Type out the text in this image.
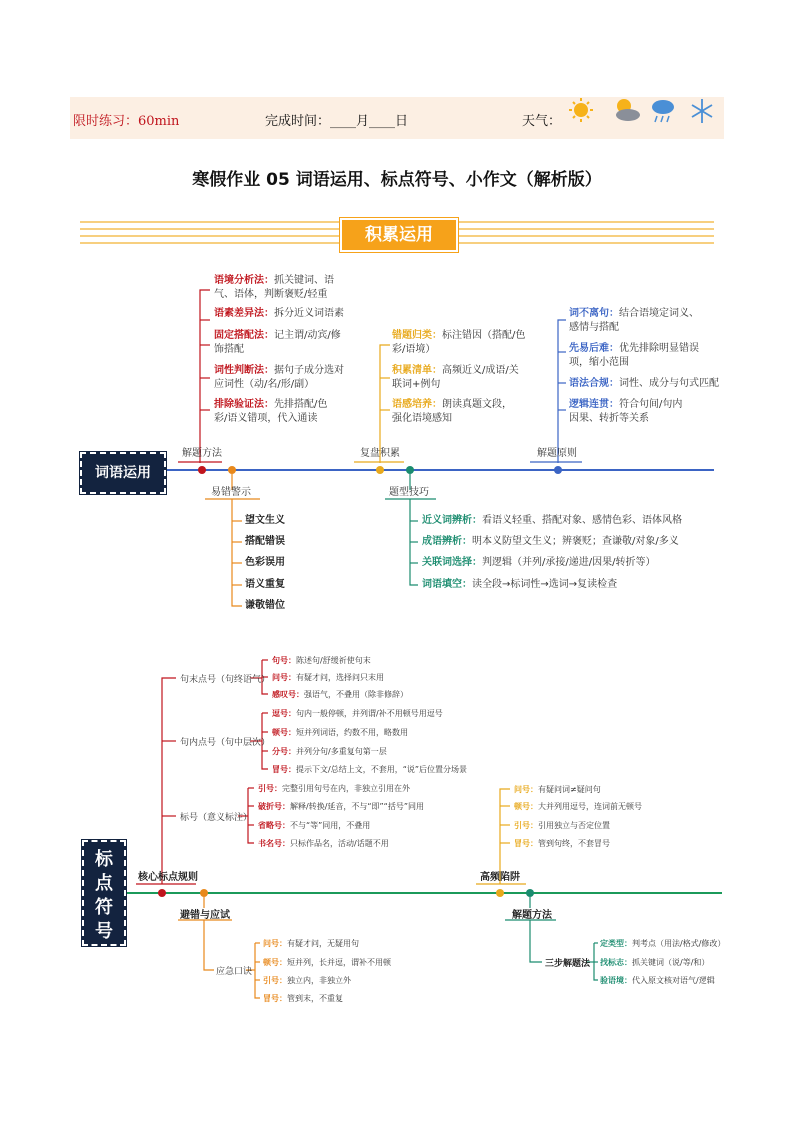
限时练习：60min	完成时间：____月____日	天气：
寒假作业 05 词语运用、标点符号、小作文（解析版）
积累运用
词语运用
解题方法	复盘积累	解题原则
易错警示	题型技巧
语境分析法：抓关键词、语
气、语体，判断褒贬/轻重
语素差异法：拆分近义词语素
固定搭配法：记主谓/动宾/修
饰搭配
词性判断法：据句子成分选对
应词性（动/名/形/副）
排除验证法：先排搭配/色
彩/语义错项，代入通读
错题归类：标注错因（搭配/色
彩/语境）
积累清单：高频近义/成语/关
联词+例句
语感培养：朗读真题文段，
强化语境感知
词不离句：结合语境定词义、
感情与搭配
先易后难：优先排除明显错误
项，缩小范围
语法合规：词性、成分与句式匹配
逻辑连贯：符合句间/句内
因果、转折等关系
望文生义
搭配错误
色彩误用
语义重复
谦敬错位
近义词辨析：看语义轻重、搭配对象、感情色彩、语体风格
成语辨析：明本义防望文生义；辨褒贬；查谦敬/对象/多义
关联词选择：判逻辑（并列/承接/递进/因果/转折等）
词语填空：读全段→标词性→选词→复读检查
标
点
符
号
核心标点规则	高频陷阱
避错与应试	解题方法
句末点号（句终语气）
句内点号（句中层次）
标号（意义标注）
句号：陈述句/舒缓祈使句末
问号：有疑才问，选择问只末用
感叹号：强语气，不叠用（除非修辞）
逗号：句内一般停顿，并列谓/补不用顿号用逗号
顿号：短并列词语，约数不用，略数用
分号：并列分句/多重复句第一层
冒号：提示下文/总结上文，不套用，“说”后位置分场景
引号：完整引用句号在内，非独立引用在外
破折号：解释/转换/延音，不与“即”“括号”同用
省略号：不与“等”同用，不叠用
书名号：只标作品名，活动/话题不用
问号：有疑问词≠疑问句
顿号：大并列用逗号，连词前无顿号
引号：引用独立与否定位置
冒号：管到句终，不套冒号
应急口诀
问号：有疑才问，无疑用句
顿号：短并列，长并逗，谓补不用顿
引号：独立内，非独立外
冒号：管到末，不重复
三步解题法
定类型：判考点（用法/格式/修改）
找标志：抓关键词（说/等/和）
验语境：代入原文核对语气/逻辑
